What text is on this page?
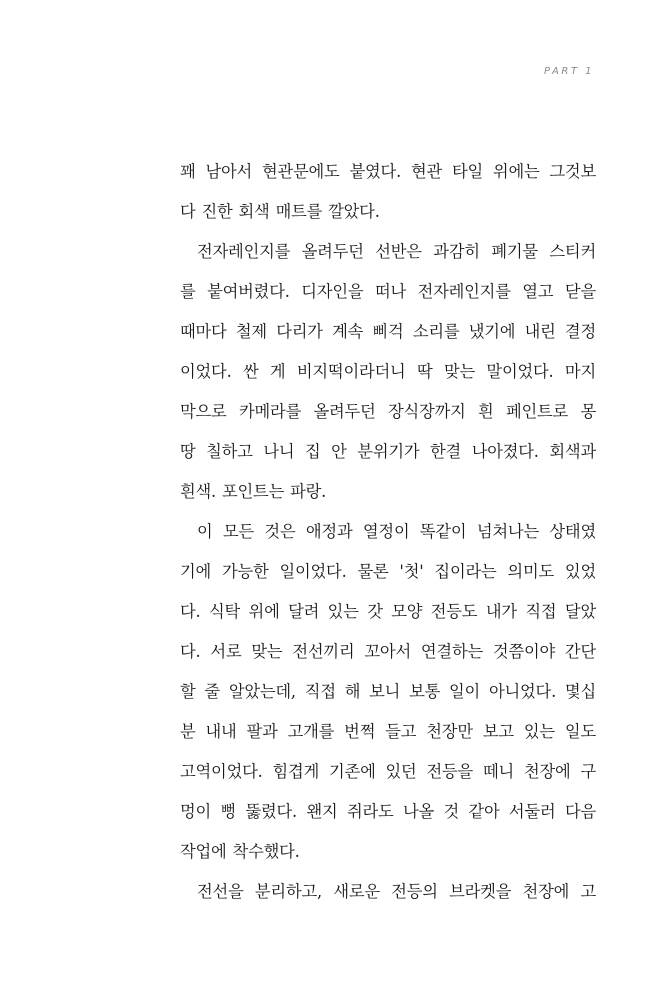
PART 1
꽤 남아서 현관문에도 붙였다. 현관 타일 위에는 그것보
다 진한 회색 매트를 깔았다.
전자레인지를 올려두던 선반은 과감히 폐기물 스티커
를 붙여버렸다. 디자인을 떠나 전자레인지를 열고 닫을
때마다 철제 다리가 계속 삐걱 소리를 냈기에 내린 결정
이었다. 싼 게 비지떡이라더니 딱 맞는 말이었다. 마지
막으로 카메라를 올려두던 장식장까지 흰 페인트로 몽
땅 칠하고 나니 집 안 분위기가 한결 나아졌다. 회색과
흰색. 포인트는 파랑.
이 모든 것은 애정과 열정이 똑같이 넘쳐나는 상태였
기에 가능한 일이었다. 물론 '첫' 집이라는 의미도 있었
다. 식탁 위에 달려 있는 갓 모양 전등도 내가 직접 달았
다. 서로 맞는 전선끼리 꼬아서 연결하는 것쯤이야 간단
할 줄 알았는데, 직접 해 보니 보통 일이 아니었다. 몇십
분 내내 팔과 고개를 번쩍 들고 천장만 보고 있는 일도
고역이었다. 힘겹게 기존에 있던 전등을 떼니 천장에 구
멍이 뻥 뚫렸다. 왠지 쥐라도 나올 것 같아 서둘러 다음
작업에 착수했다.
전선을 분리하고, 새로운 전등의 브라켓을 천장에 고
